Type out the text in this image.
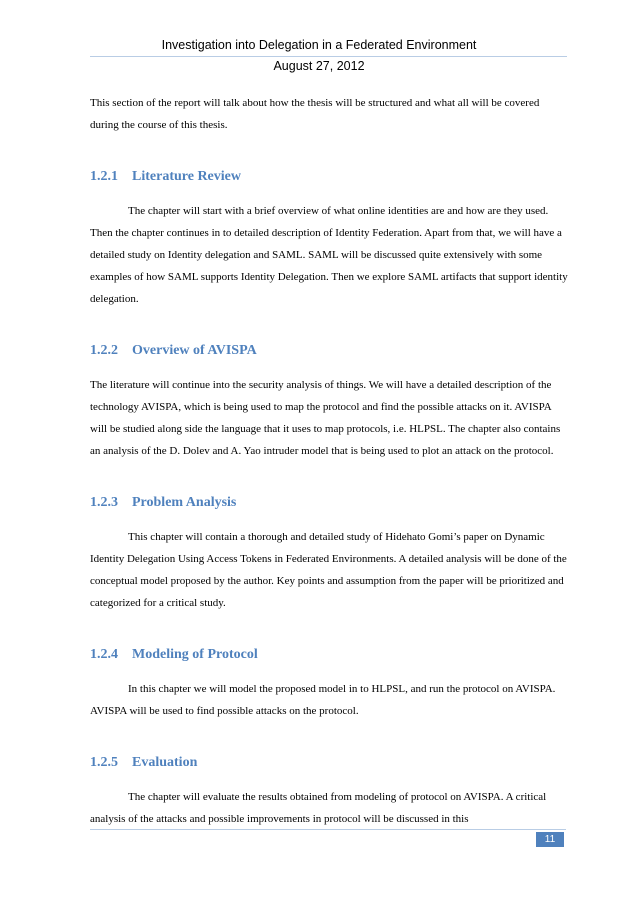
Investigation into Delegation in a Federated Environment
August 27, 2012

This section of the report will talk about how the thesis will be structured and what all will be covered during the course of this thesis.

1.2.1 Literature Review

The chapter will start with a brief overview of what online identities are and how are they used. Then the chapter continues in to detailed description of Identity Federation. Apart from that, we will have a detailed study on Identity delegation and SAML. SAML will be discussed quite extensively with some examples of how SAML supports Identity Delegation. Then we explore SAML artifacts that support identity delegation.

1.2.2 Overview of AVISPA

The literature will continue into the security analysis of things. We will have a detailed description of the technology AVISPA, which is being used to map the protocol and find the possible attacks on it. AVISPA will be studied along side the language that it uses to map protocols, i.e. HLPSL. The chapter also contains an analysis of the D. Dolev and A. Yao intruder model that is being used to plot an attack on the protocol.

1.2.3 Problem Analysis

This chapter will contain a thorough and detailed study of Hidehato Gomi’s paper on Dynamic Identity Delegation Using Access Tokens in Federated Environments. A detailed analysis will be done of the conceptual model proposed by the author. Key points and assumption from the paper will be prioritized and categorized for a critical study.

1.2.4 Modeling of Protocol

In this chapter we will model the proposed model in to HLPSL, and run the protocol on AVISPA. AVISPA will be used to find possible attacks on the protocol.

1.2.5 Evaluation

The chapter will evaluate the results obtained from modeling of protocol on AVISPA. A critical analysis of the attacks and possible improvements in protocol will be discussed in this

11
